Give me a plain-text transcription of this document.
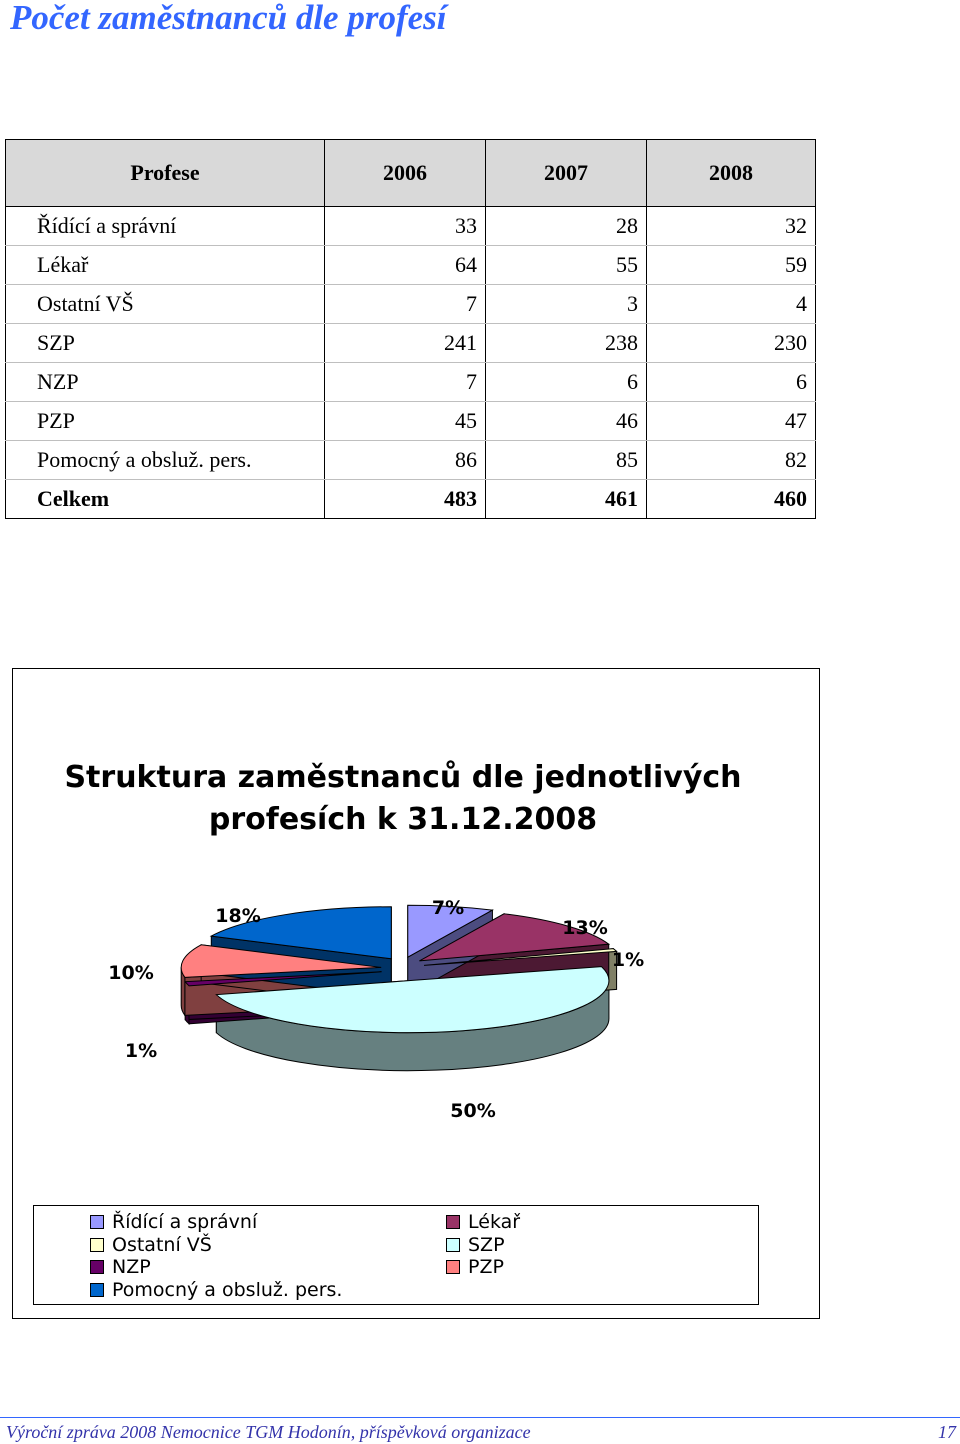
Počet zaměstnanců dle profesí
Profese	2006	2007	2008
Řídící a správní	33	28	32
Lékař	64	55	59
Ostatní VŠ	7	3	4
SZP	241	238	230
NZP	7	6	6
PZP	45	46	47
Pomocný a obsluž. pers.	86	85	82
Celkem	483	461	460
Struktura zaměstnanců dle jednotlivých
profesích k 31.12.2008
7%
13%
1%
50%
1%
10%
18%
Řídící a správní	Lékař
Ostatní VŠ	SZP
NZP	PZP
Pomocný a obsluž. pers.
Výroční zpráva 2008 Nemocnice TGM Hodonín, příspěvková organizace	17
